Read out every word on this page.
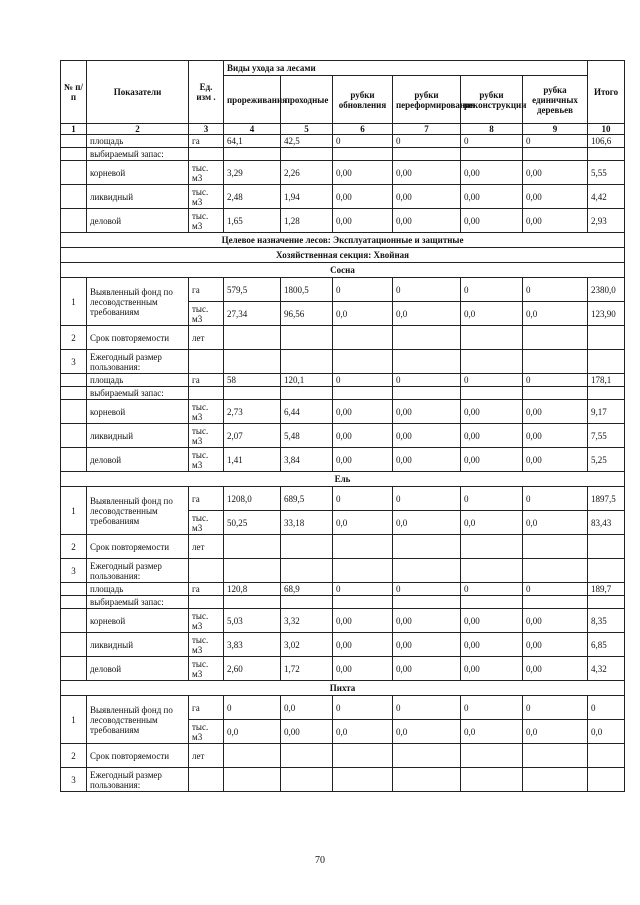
№ п/п	Показатели	Ед. изм .	Виды ухода за лесами						Итого
			прореживания	проходные	рубки обновления	рубки переформирования	рубки реконструкции	рубка единичных деревьев	
1	2	3	4	5	6	7	8	9	10
	площадь	га	64,1	42,5	0	0	0	0	106,6
	выбираемый запас:								
	корневой	тыс. м3	3,29	2,26	0,00	0,00	0,00	0,00	5,55
	ликвидный	тыс. м3	2,48	1,94	0,00	0,00	0,00	0,00	4,42
	деловой	тыс. м3	1,65	1,28	0,00	0,00	0,00	0,00	2,93
Целевое назначение лесов: Эксплуатационные и защитные									
Хозяйственная секция: Хвойная									
Сосна									
1	Выявленный фонд по лесоводственным требованиям	га	579,5	1800,5	0	0	0	0	2380,0
		тыс. м3	27,34	96,56	0,0	0,0	0,0	0,0	123,90
2	Срок повторяемости	лет							
3	Ежегодный размер пользования:								
	площадь	га	58	120,1	0	0	0	0	178,1
	выбираемый запас:								
	корневой	тыс. м3	2,73	6,44	0,00	0,00	0,00	0,00	9,17
	ликвидный	тыс. м3	2,07	5,48	0,00	0,00	0,00	0,00	7,55
	деловой	тыс. м3	1,41	3,84	0,00	0,00	0,00	0,00	5,25
Ель									
1	Выявленный фонд по лесоводственным требованиям	га	1208,0	689,5	0	0	0	0	1897,5
		тыс. м3	50,25	33,18	0,0	0,0	0,0	0,0	83,43
2	Срок повторяемости	лет							
3	Ежегодный размер пользования:								
	площадь	га	120,8	68,9	0	0	0	0	189,7
	выбираемый запас:								
	корневой	тыс. м3	5,03	3,32	0,00	0,00	0,00	0,00	8,35
	ликвидный	тыс. м3	3,83	3,02	0,00	0,00	0,00	0,00	6,85
	деловой	тыс. м3	2,60	1,72	0,00	0,00	0,00	0,00	4,32
Пихта									
1	Выявленный фонд по лесоводственным требованиям	га	0	0,0	0	0	0	0	0
		тыс. м3	0,0	0,00	0,0	0,0	0,0	0,0	0,0
2	Срок повторяемости	лет							
3	Ежегодный размер пользования:								
70
